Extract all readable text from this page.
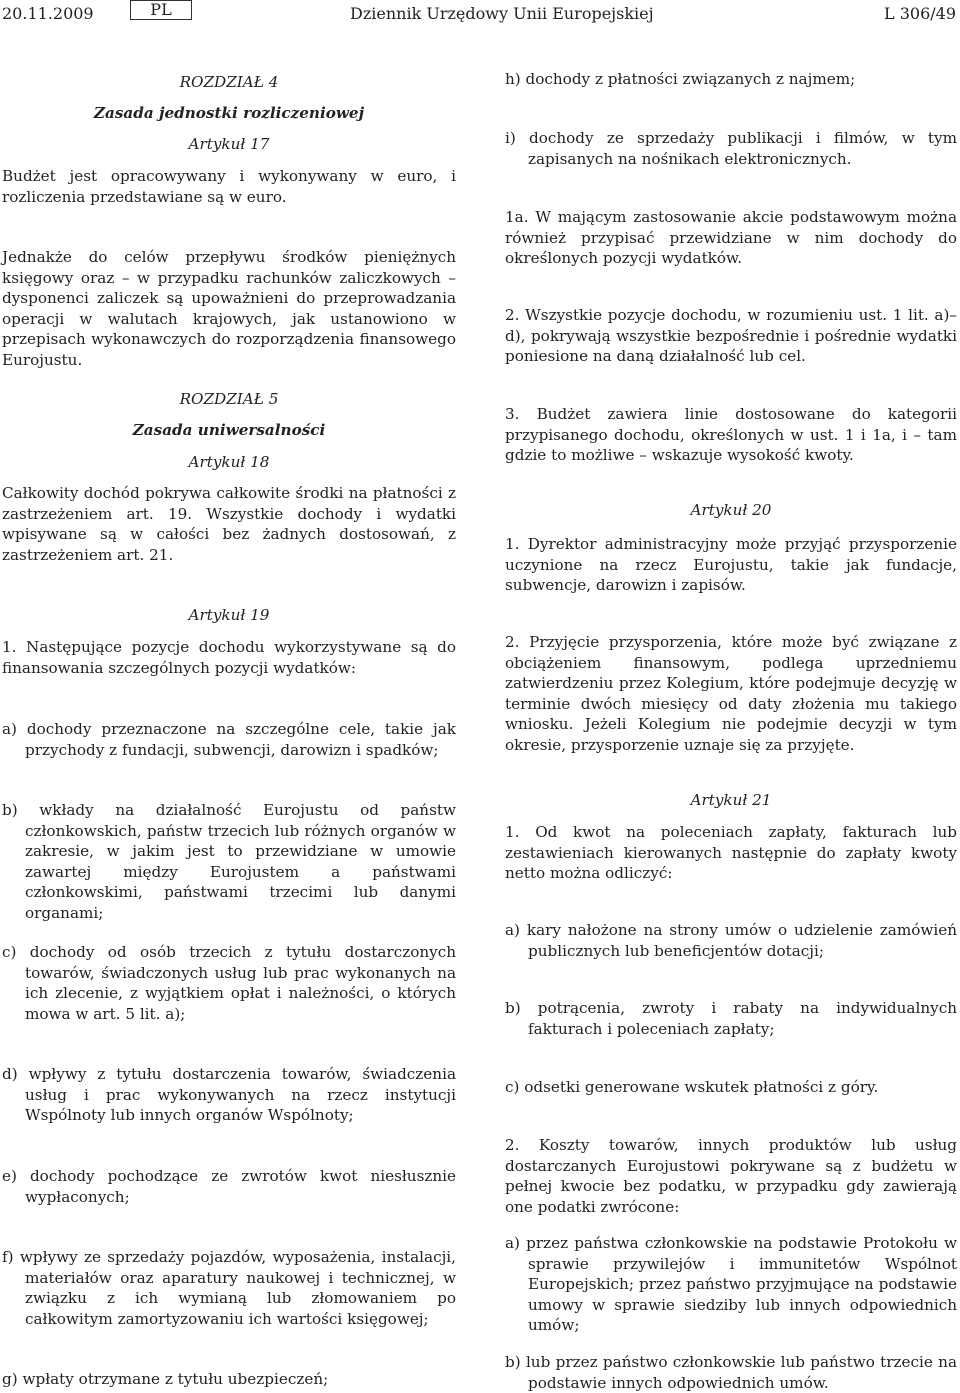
20.11.2009	PL	Dziennik Urzędowy Unii Europejskiej	L 306/49

ROZDZIAŁ 4

Zasada jednostki rozliczeniowej

Artykuł 17

Budżet jest opracowywany i wykonywany w euro, i rozliczenia przedstawiane są w euro.

Jednakże do celów przepływu środków pieniężnych księgowy oraz – w przypadku rachunków zaliczkowych – dysponenci zaliczek są upoważnieni do przeprowadzania operacji w walutach krajowych, jak ustanowiono w przepisach wykonawczych do rozporządzenia finansowego Eurojustu.

ROZDZIAŁ 5

Zasada uniwersalności

Artykuł 18

Całkowity dochód pokrywa całkowite środki na płatności z zastrzeżeniem art. 19. Wszystkie dochody i wydatki wpisywane są w całości bez żadnych dostosowań, z zastrzeżeniem art. 21.

Artykuł 19

1. Następujące pozycje dochodu wykorzystywane są do finansowania szczególnych pozycji wydatków:

a) dochody przeznaczone na szczególne cele, takie jak przychody z fundacji, subwencji, darowizn i spadków;

b) wkłady na działalność Eurojustu od państw członkowskich, państw trzecich lub różnych organów w zakresie, w jakim jest to przewidziane w umowie zawartej między Eurojustem a państwami członkowskimi, państwami trzecimi lub danymi organami;

c) dochody od osób trzecich z tytułu dostarczonych towarów, świadczonych usług lub prac wykonanych na ich zlecenie, z wyjątkiem opłat i należności, o których mowa w art. 5 lit. a);

d) wpływy z tytułu dostarczenia towarów, świadczenia usług i prac wykonywanych na rzecz instytucji Wspólnoty lub innych organów Wspólnoty;

e) dochody pochodzące ze zwrotów kwot niesłusznie wypłaconych;

f) wpływy ze sprzedaży pojazdów, wyposażenia, instalacji, materiałów oraz aparatury naukowej i technicznej, w związku z ich wymianą lub złomowaniem po całkowitym zamortyzowaniu ich wartości księgowej;

g) wpłaty otrzymane z tytułu ubezpieczeń;

h) dochody z płatności związanych z najmem;

i) dochody ze sprzedaży publikacji i filmów, w tym zapisanych na nośnikach elektronicznych.

1a. W mającym zastosowanie akcie podstawowym można również przypisać przewidziane w nim dochody do określonych pozycji wydatków.

2. Wszystkie pozycje dochodu, w rozumieniu ust. 1 lit. a)–d), pokrywają wszystkie bezpośrednie i pośrednie wydatki poniesione na daną działalność lub cel.

3. Budżet zawiera linie dostosowane do kategorii przypisanego dochodu, określonych w ust. 1 i 1a, i – tam gdzie to możliwe – wskazuje wysokość kwoty.

Artykuł 20

1. Dyrektor administracyjny może przyjąć przysporzenie uczynione na rzecz Eurojustu, takie jak fundacje, subwencje, darowizn i zapisów.

2. Przyjęcie przysporzenia, które może być związane z obciążeniem finansowym, podlega uprzedniemu zatwierdzeniu przez Kolegium, które podejmuje decyzję w terminie dwóch miesięcy od daty złożenia mu takiego wniosku. Jeżeli Kolegium nie podejmie decyzji w tym okresie, przysporzenie uznaje się za przyjęte.

Artykuł 21

1. Od kwot na poleceniach zapłaty, fakturach lub zestawieniach kierowanych następnie do zapłaty kwoty netto można odliczyć:

a) kary nałożone na strony umów o udzielenie zamówień publicznych lub beneficjentów dotacji;

b) potrącenia, zwroty i rabaty na indywidualnych fakturach i poleceniach zapłaty;

c) odsetki generowane wskutek płatności z góry.

2. Koszty towarów, innych produktów lub usług dostarczanych Eurojustowi pokrywane są z budżetu w pełnej kwocie bez podatku, w przypadku gdy zawierają one podatki zwrócone:

a) przez państwa członkowskie na podstawie Protokołu w sprawie przywilejów i immunitetów Wspólnot Europejskich; przez państwo przyjmujące na podstawie umowy w sprawie siedziby lub innych odpowiednich umów;

b) lub przez państwo członkowskie lub państwo trzecie na podstawie innych odpowiednich umów.
